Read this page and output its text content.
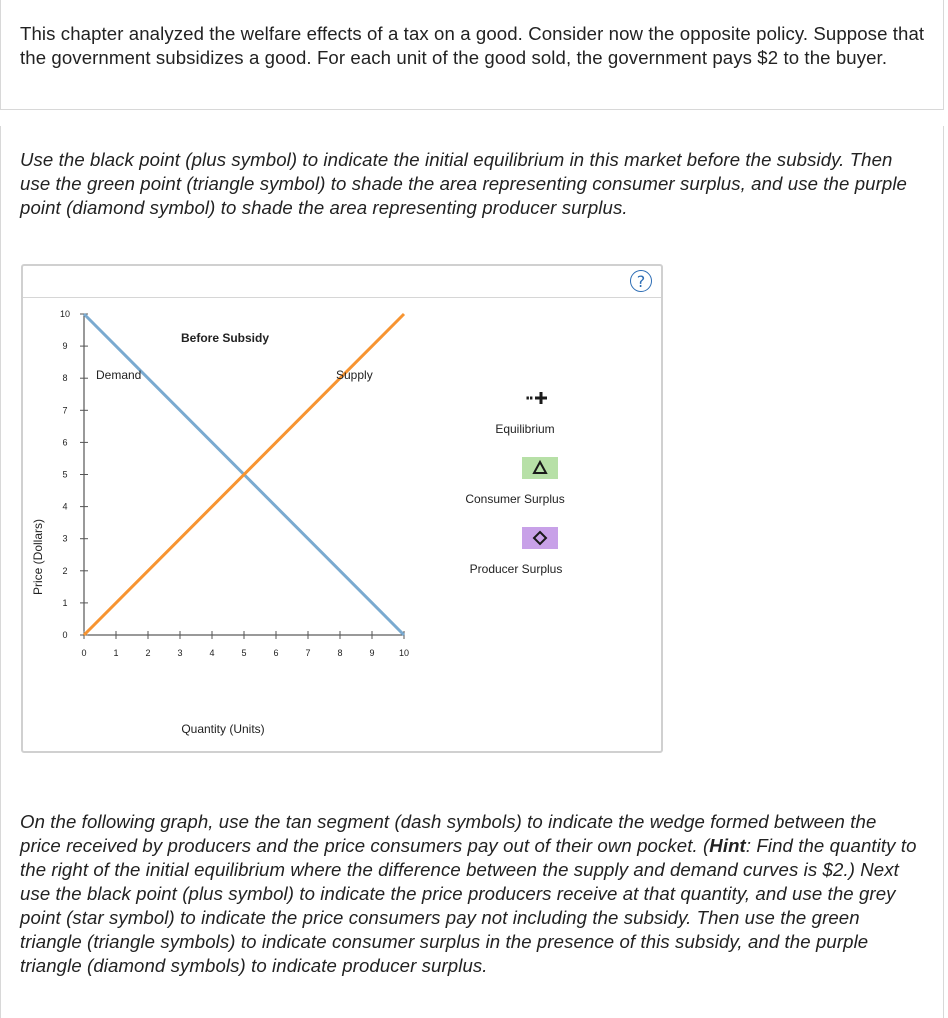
This chapter analyzed the welfare effects of a tax on a good. Consider now the opposite policy. Suppose that the government subsidizes a good. For each unit of the good sold, the government pays $2 to the buyer.

Use the black point (plus symbol) to indicate the initial equilibrium in this market before the subsidy. Then use the green point (triangle symbol) to shade the area representing consumer surplus, and use the purple point (diamond symbol) to shade the area representing producer surplus.

?
Before Subsidy
0	1	2	3	4	5	6	7	8	9	10
0
1
2
3
4
5
6
7
8
9
10
Demand	Supply
Quantity (Units)
Price (Dollars)
Equilibrium
Consumer Surplus
Producer Surplus

On the following graph, use the tan segment (dash symbols) to indicate the wedge formed between the price received by producers and the price consumers pay out of their own pocket. (Hint: Find the quantity to the right of the initial equilibrium where the difference between the supply and demand curves is $2.) Next use the black point (plus symbol) to indicate the price producers receive at that quantity, and use the grey point (star symbol) to indicate the price consumers pay not including the subsidy. Then use the green triangle (triangle symbols) to indicate consumer surplus in the presence of this subsidy, and the purple triangle (diamond symbols) to indicate producer surplus.
